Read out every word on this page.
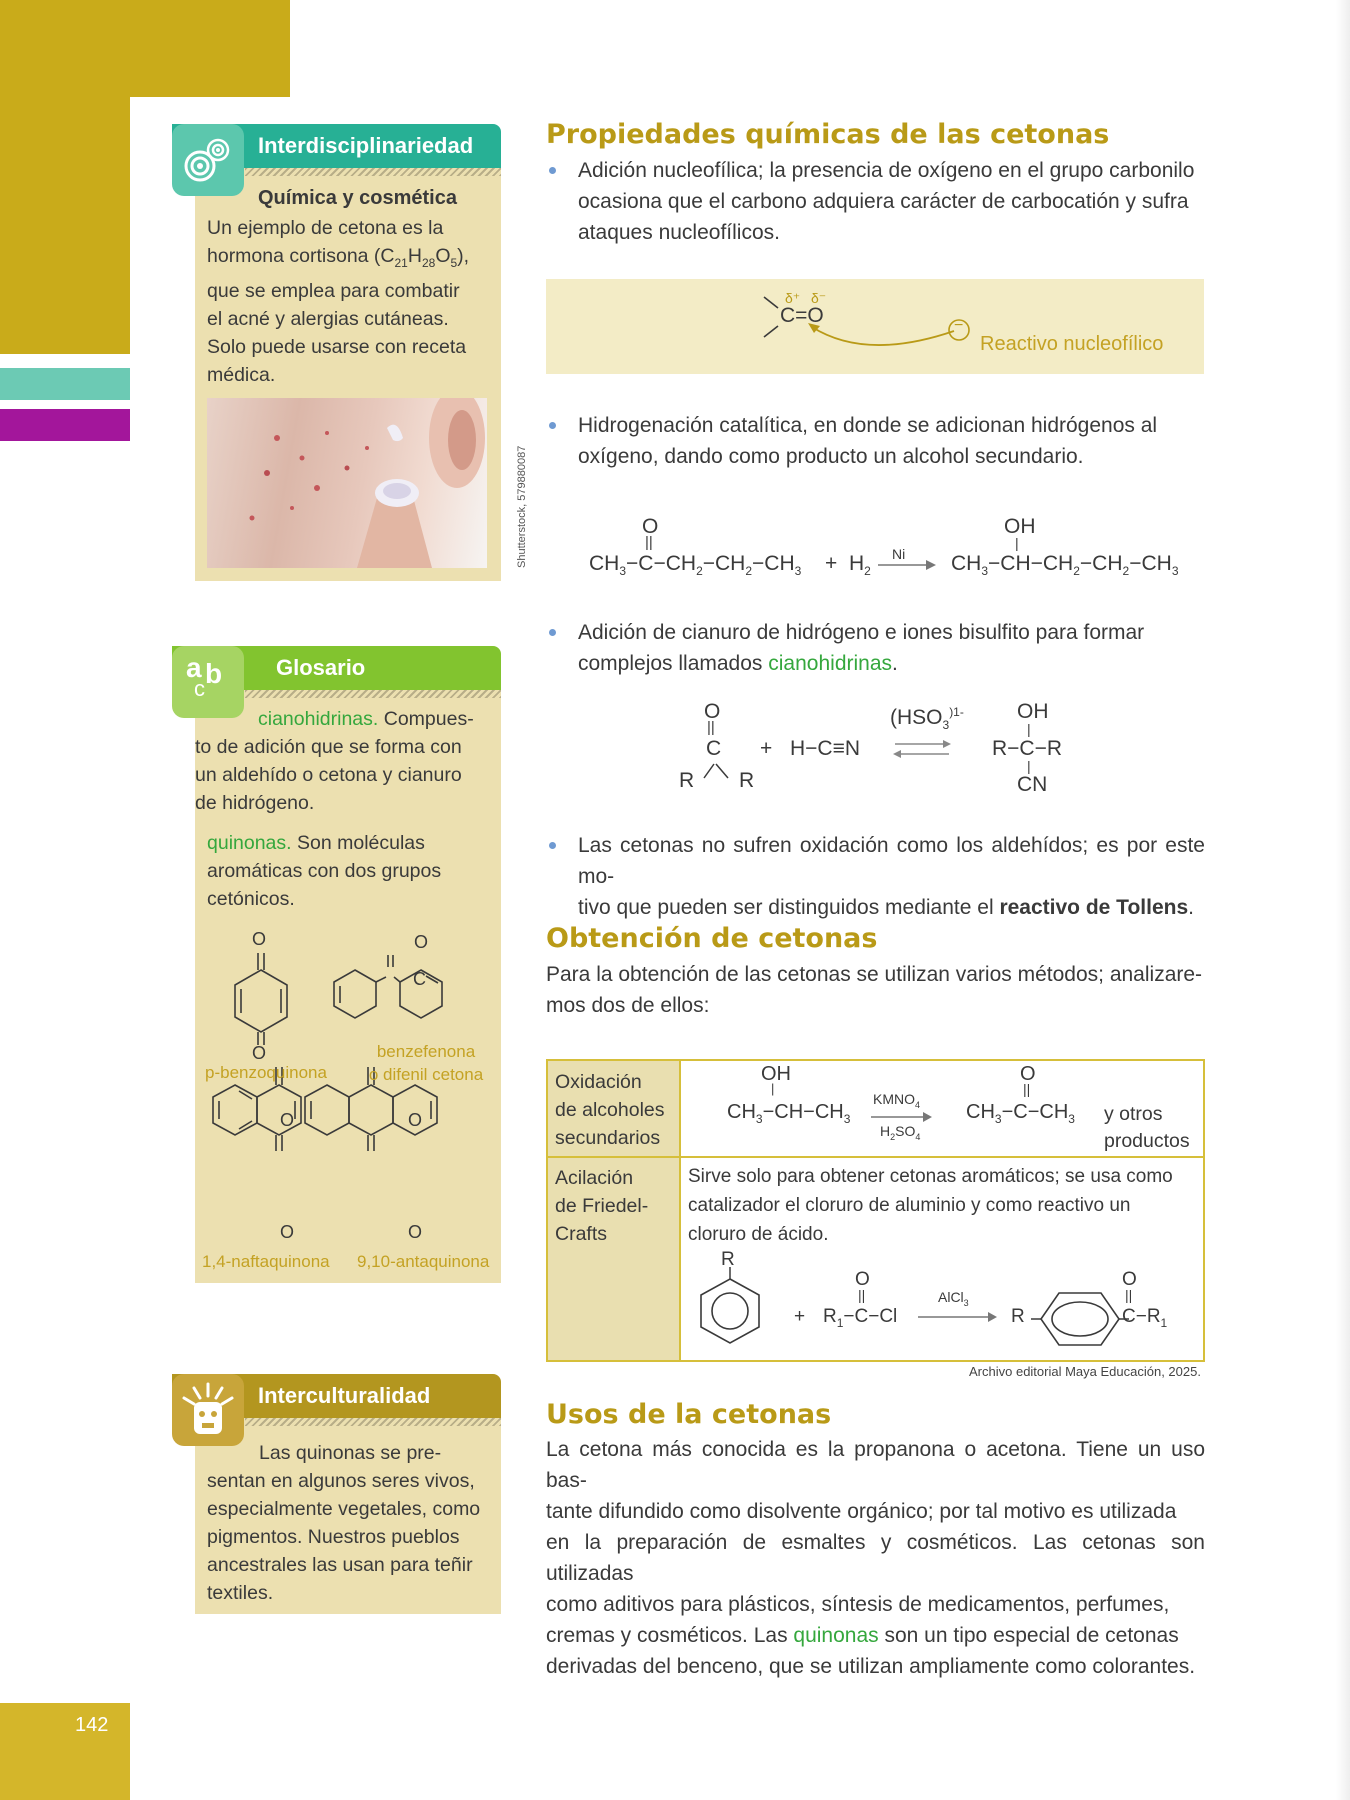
142
Interdisciplinariedad
Química y cosmética
Un ejemplo de cetona es la
hormona cortisona $(C_{21}H_{28}O_5)$,
que se emplea para combatir
el acné y alergias cutáneas.
Solo puede usarse con receta
médica.
Shutterstock, 579880087
Glosario
a b
c
cianohidrinas. Compues-
to de adición que se forma con
un aldehído o cetona y cianuro
de hidrógeno.
quinonas. Son moléculas
aromáticas con dos grupos
cetónicos.
O
O
O
C
O
O
O
O
p-benzoquinona
benzefenona
o difenil cetona
1,4-naftaquinona 9,10-antaquinona
Interculturalidad
Las quinonas se pre-
sentan en algunos seres vivos,
especialmente vegetales, como
pigmentos. Nuestros pueblos
ancestrales las usan para teñir
textiles.
Propiedades químicas de las cetonas
Adición nucleofílica; la presencia de oxígeno en el grupo carbonilo
ocasiona que el carbono adquiera carácter de carbocatión y sufra
ataques nucleofílicos.
δ⁺ δ⁻
C=O	−
Reactivo nucleofílico
Hidrogenación catalítica, en donde se adicionan hidrógenos al
oxígeno, dando como producto un alcohol secundario.
O
||
$CH_3-C-CH_2-CH_2-CH_3 + H_2$
Ni
OH
|
$CH_3-CH-CH_2-CH_2-CH_3$
Adición de cianuro de hidrógeno e iones bisulfito para formar
complejos llamados cianohidrinas.
O
||
C
R R
+ H−C≡N
($HSO_3^{)1-}$	OH
|
R−C−R
|
CN
Las cetonas no sufren oxidación como los aldehídos; es por este mo-
tivo que pueden ser distinguidos mediante el reactivo de Tollens.
Obtención de cetonas
Para la obtención de las cetonas se utilizan varios métodos; analizare-
mos dos de ellos:
Oxidación
de alcoholes
secundarios
Acilación
de Friedel-
Crafts
OH
|
$CH_3-CH-CH_3$
$KMNO_4$
$H_2SO_4$
O
||
$CH_3-C-CH_3$ y otros
productos
Sirve solo para obtener cetonas aromáticos; se usa como
catalizador el cloruro de aluminio y como reactivo un
cloruro de ácido.
R
+
O
||
$R_1-C-Cl$
AlCl$_3$
R
O
||
$C-R_1$
Archivo editorial Maya Educación, 2025.
Usos de la cetonas
La cetona más conocida es la propanona o acetona. Tiene un uso bas-
tante difundido como disolvente orgánico; por tal motivo es utilizada
en la preparación de esmaltes y cosméticos. Las cetonas son utilizadas
como aditivos para plásticos, síntesis de medicamentos, perfumes,
cremas y cosméticos. Las quinonas son un tipo especial de cetonas
derivadas del benceno, que se utilizan ampliamente como colorantes.
